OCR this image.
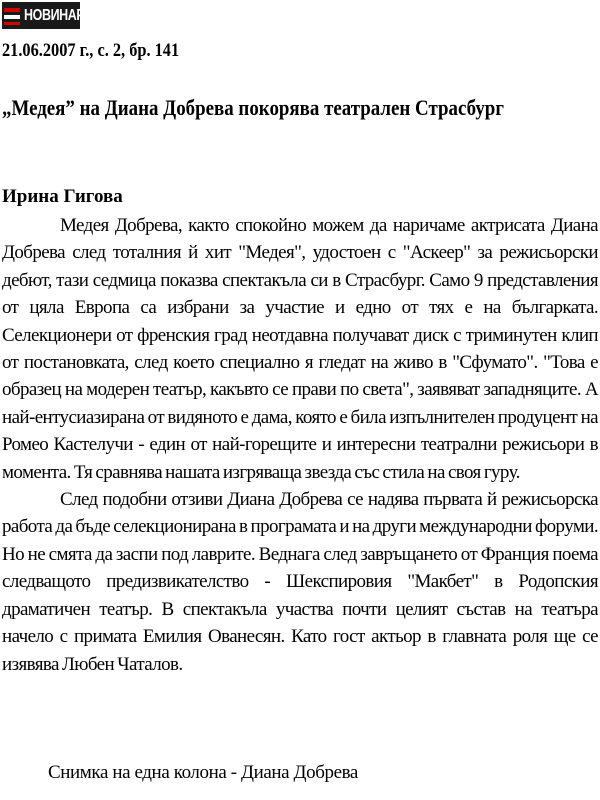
НОВИНАР
21.06.2007 г., с. 2, бр. 141
„Медея” на Диана Добрева покорява театрален Страсбург
Ирина Гигова

Медея Добрева, както спокойно можем да наричаме актрисата Диана Добрева след тоталния й хит "Медея", удостоен с "Аскеер" за режисьорски дебют, тази седмица показва спектакъла си в Страсбург. Само 9 представления от цяла Европа са избрани за участие и едно от тях е на българката. Селекционери от френския град неотдавна получават диск с триминутен клип от постановката, след което специално я гледат на живо в "Сфумато". "Това е образец на модерен театър, какъвто се прави по света", заявяват западняците. А най-ентусиазирана от видяното е дама, която е била изпълнителен продуцент на Ромео Кастелучи - един от най-горещите и интересни театрални режисьори в момента. Тя сравнява нашата изгряваща звезда със стила на своя гуру.

След подобни отзиви Диана Добрева се надява първата й режисьорска работа да бъде селекционирана в програмата и на други международни форуми. Но не смята да заспи под лаврите. Веднага след завръщането от Франция поема следващото предизвикателство - Шекспировия "Макбет" в Родопския драматичен театър. В спектакъла участва почти целият състав на театъра начело с примата Емилия Ованесян. Като гост актьор в главната роля ще се изявява Любен Чаталов.

Снимка на една колона - Диана Добрева
